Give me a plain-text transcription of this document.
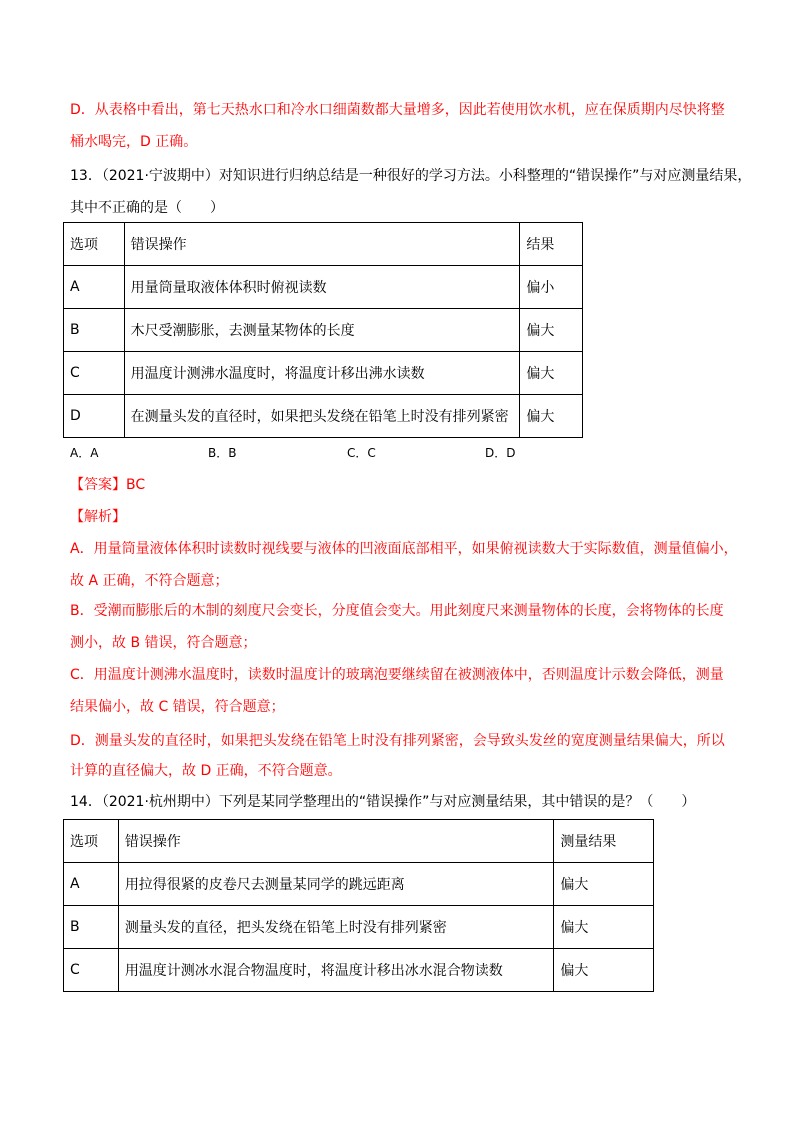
D．从表格中看出，第七天热水口和冷水口细菌数都大量增多，因此若使用饮水机，应在保质期内尽快将整
桶水喝完，D 正确。
13．（2021·宁波期中）对知识进行归纳总结是一种很好的学习方法。小科整理的“错误操作”与对应测量结果，
其中不正确的是（　　）
选项	错误操作	结果
A	用量筒量取液体体积时俯视读数	偏小
B	木尺受潮膨胀，去测量某物体的长度	偏大
C	用温度计测沸水温度时，将温度计移出沸水读数	偏大
D	在测量头发的直径时，如果把头发绕在铅笔上时没有排列紧密	偏大
A．A	B．B	C．C	D．D
【答案】BC
【解析】
A．用量筒量液体体积时读数时视线要与液体的凹液面底部相平，如果俯视读数大于实际数值，测量值偏小，
故 A 正确，不符合题意；
B．受潮而膨胀后的木制的刻度尺会变长，分度值会变大。用此刻度尺来测量物体的长度，会将物体的长度
测小，故 B 错误，符合题意；
C．用温度计测沸水温度时，读数时温度计的玻璃泡要继续留在被测液体中，否则温度计示数会降低，测量
结果偏小，故 C 错误，符合题意；
D．测量头发的直径时，如果把头发绕在铅笔上时没有排列紧密，会导致头发丝的宽度测量结果偏大，所以
计算的直径偏大，故 D 正确，不符合题意。
14．（2021·杭州期中）下列是某同学整理出的“错误操作”与对应测量结果，其中错误的是？（　　）
选项	错误操作	测量结果
A	用拉得很紧的皮卷尺去测量某同学的跳远距离	偏大
B	测量头发的直径，把头发绕在铅笔上时没有排列紧密	偏大
C	用温度计测冰水混合物温度时，将温度计移出冰水混合物读数	偏大
